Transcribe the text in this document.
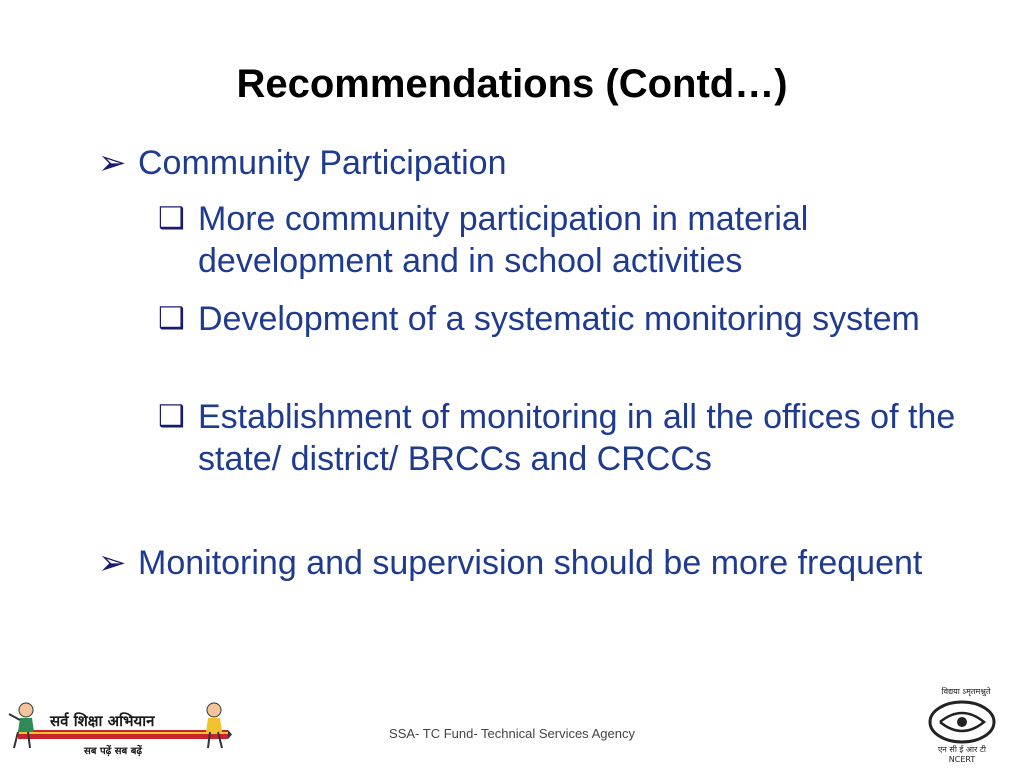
Recommendations (Contd…)
➢ Community Participation
❑ More community participation in material development and in school activities
❑ Development of a systematic monitoring system
❑ Establishment of monitoring in all the offices of the state/ district/ BRCCs and CRCCs
➢ Monitoring and supervision should be more frequent
सर्व शिक्षा अभियान
सब पढ़ें सब बढ़ें
SSA- TC Fund- Technical Services Agency
विद्यया ऽमृतमश्नुते
एन सी ई आर टी
NCERT
